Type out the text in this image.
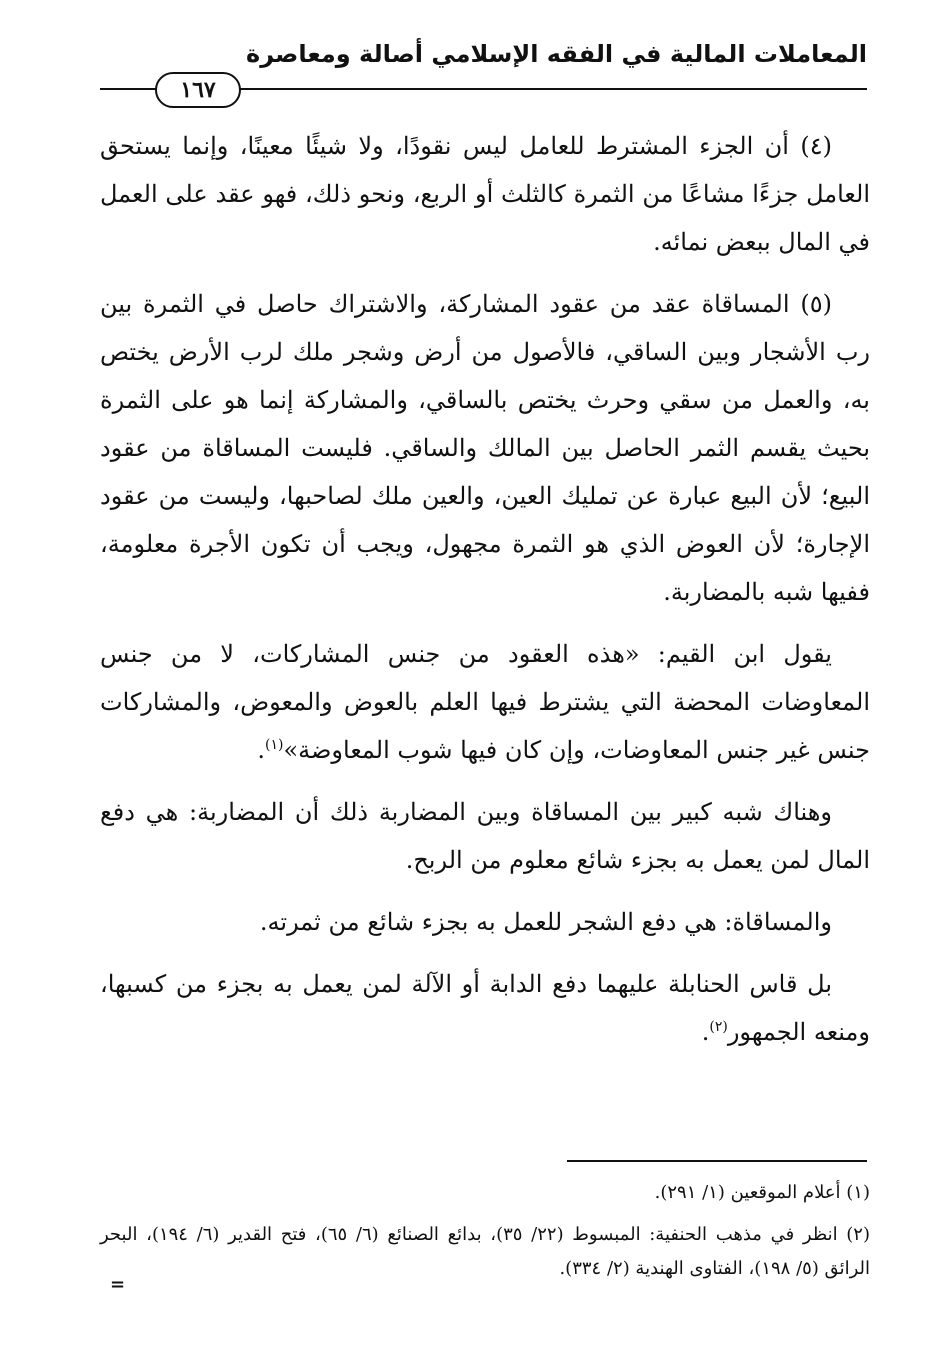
المعاملات المالية في الفقه الإسلامي أصالة ومعاصرة
١٦٧

(٤) أن الجزء المشترط للعامل ليس نقودًا، ولا شيئًا معينًا، وإنما يستحق العامل جزءًا مشاعًا من الثمرة كالثلث أو الربع، ونحو ذلك، فهو عقد على العمل في المال ببعض نمائه.

(٥) المساقاة عقد من عقود المشاركة، والاشتراك حاصل في الثمرة بين رب الأشجار وبين الساقي، فالأصول من أرض وشجر ملك لرب الأرض يختص به، والعمل من سقي وحرث يختص بالساقي، والمشاركة إنما هو على الثمرة بحيث يقسم الثمر الحاصل بين المالك والساقي. فليست المساقاة من عقود البيع؛ لأن البيع عبارة عن تمليك العين، والعين ملك لصاحبها، وليست من عقود الإجارة؛ لأن العوض الذي هو الثمرة مجهول، ويجب أن تكون الأجرة معلومة، ففيها شبه بالمضاربة.

يقول ابن القيم: «هذه العقود من جنس المشاركات، لا من جنس المعاوضات المحضة التي يشترط فيها العلم بالعوض والمعوض، والمشاركات جنس غير جنس المعاوضات، وإن كان فيها شوب المعاوضة»$^{(١)}$.

وهناك شبه كبير بين المساقاة وبين المضاربة ذلك أن المضاربة: هي دفع المال لمن يعمل به بجزء شائع معلوم من الربح.

والمساقاة: هي دفع الشجر للعمل به بجزء شائع من ثمرته.

بل قاس الحنابلة عليهما دفع الدابة أو الآلة لمن يعمل به بجزء من كسبها، ومنعه الجمهور$^{(٢)}$.

(١) أعلام الموقعين (١/ ٢٩١).
(٢) انظر في مذهب الحنفية: المبسوط (٢٢/ ٣٥)، بدائع الصنائع (٦/ ٦٥)، فتح القدير (٦/ ١٩٤)، البحر الرائق (٥/ ١٩٨)، الفتاوى الهندية (٢/ ٣٣٤).
=
